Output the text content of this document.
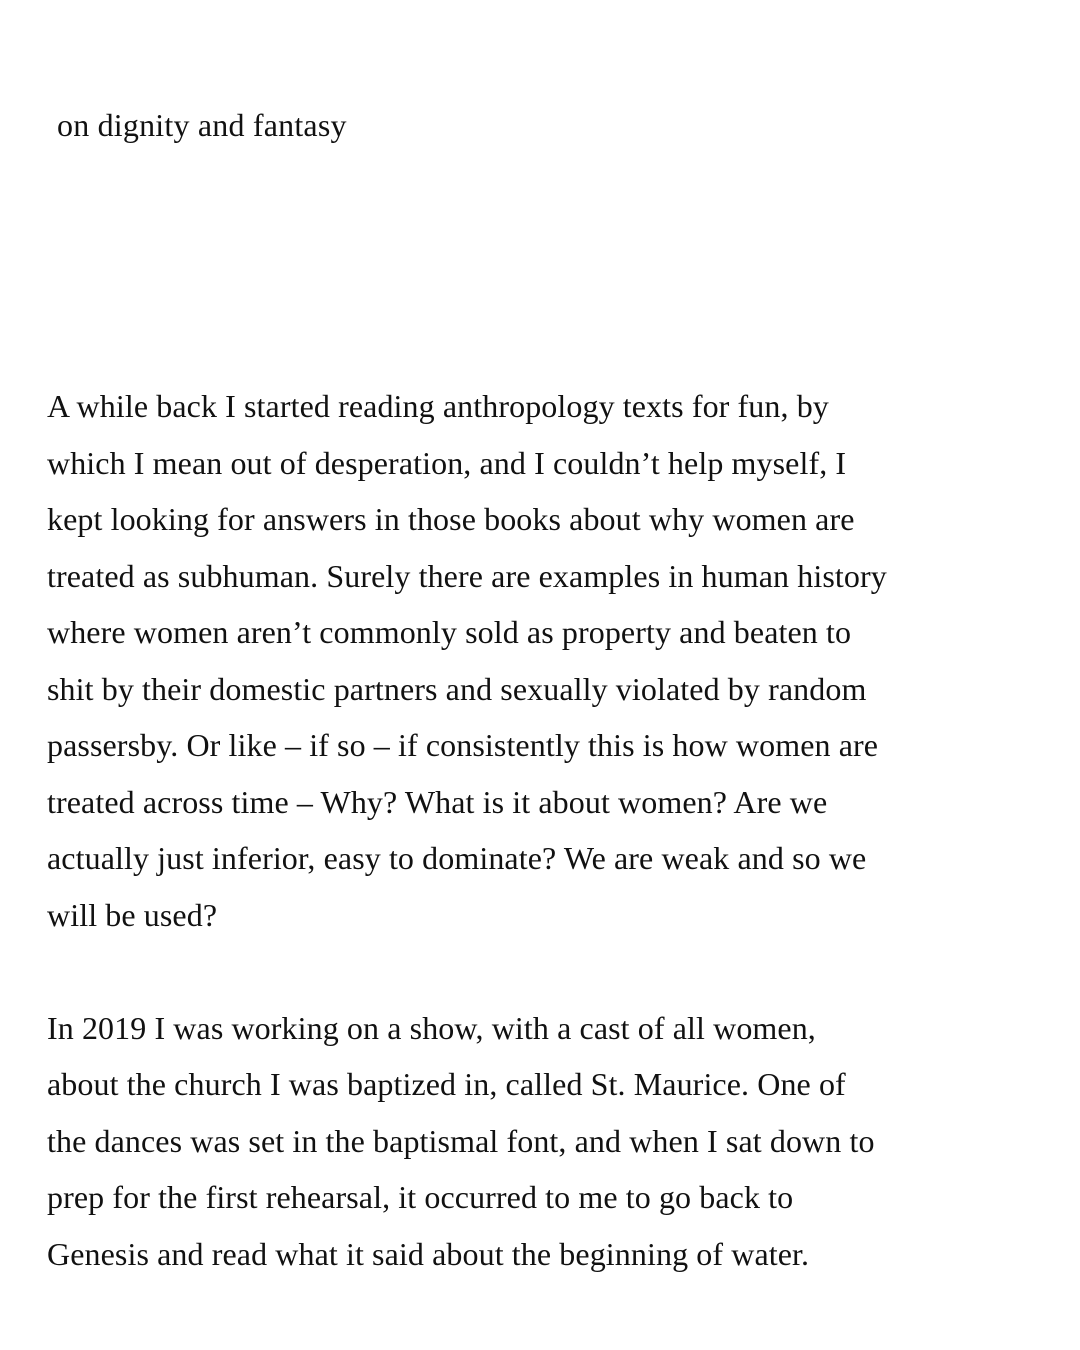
on dignity and fantasy

A while back I started reading anthropology texts for fun, by
which I mean out of desperation, and I couldn’t help myself, I
kept looking for answers in those books about why women are
treated as subhuman. Surely there are examples in human history
where women aren’t commonly sold as property and beaten to
shit by their domestic partners and sexually violated by random
passersby. Or like – if so – if consistently this is how women are
treated across time – Why? What is it about women? Are we
actually just inferior, easy to dominate? We are weak and so we
will be used?

In 2019 I was working on a show, with a cast of all women,
about the church I was baptized in, called St. Maurice. One of
the dances was set in the baptismal font, and when I sat down to
prep for the first rehearsal, it occurred to me to go back to
Genesis and read what it said about the beginning of water.
